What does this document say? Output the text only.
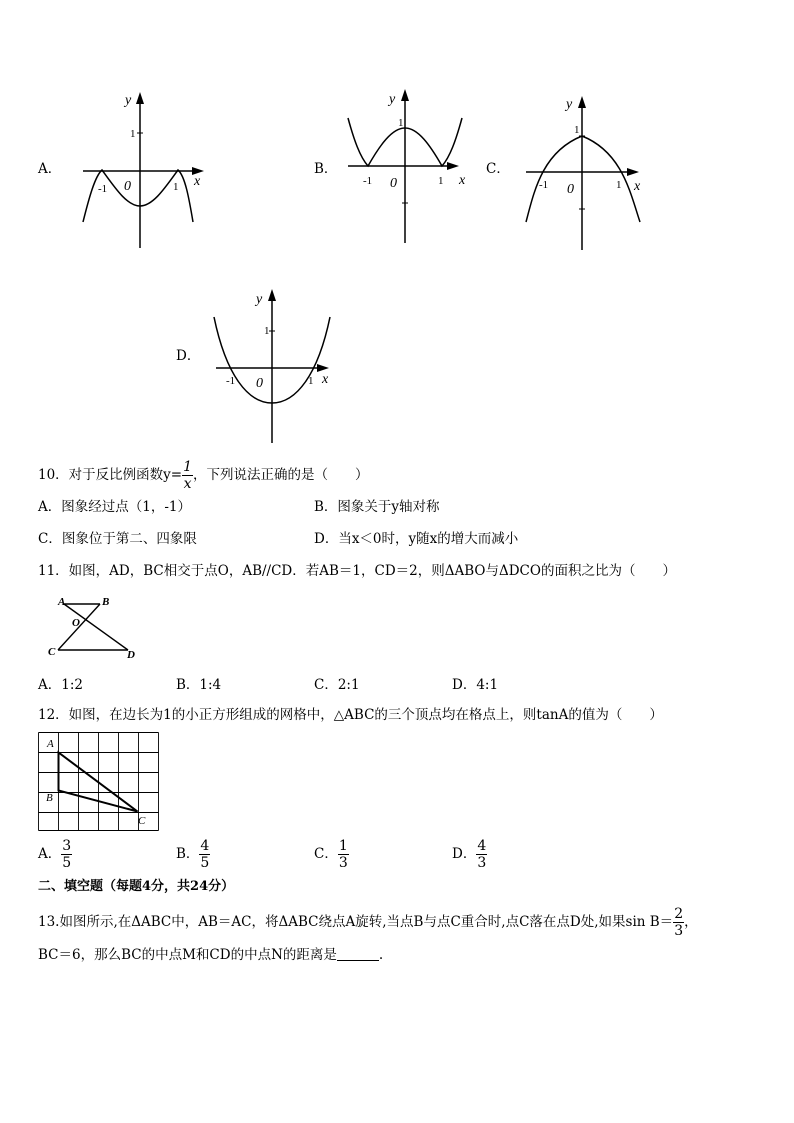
A．
y
1
-1 0	1 x
B．
y
1
-1 0	1 x
C．
y
1
-1 0	1 x
D．
y
1
-1 0	1 x
10．对于反比例函数$y= \frac{1}{x}$ ，下列说法正确的是（　　）
A．图象经过点（1，-1）	B．图象关于y轴对称
C．图象位于第二、四象限	D．当x＜0时，y随x的增大而减小
11．如图，AD，BC相交于点O，AB//CD．若AB＝1，CD＝2，则ΔABO与ΔDCO的面积之比为（　　）
A	B
O
C	D
A．1:2	B．1:4	C．2:1	D．4:1
12．如图，在边长为1的小正方形组成的网格中，△ABC的三个顶点均在格点上，则tanA的值为（　　）
A
B
C
A． $\frac{3}{5}$	B． $\frac{4}{5}$	C． $\frac{1}{3}$	D． $\frac{4}{3}$
二、填空题（每题4分，共24分）
13.如图所示,在ΔABC中，AB＝AC，将ΔABC绕点A旋转,当点B与点C重合时,点C落在点D处,如果$\sin B= \frac{2}{3}$ ，
BC＝6，那么BC的中点M和CD的中点N的距离是	.
